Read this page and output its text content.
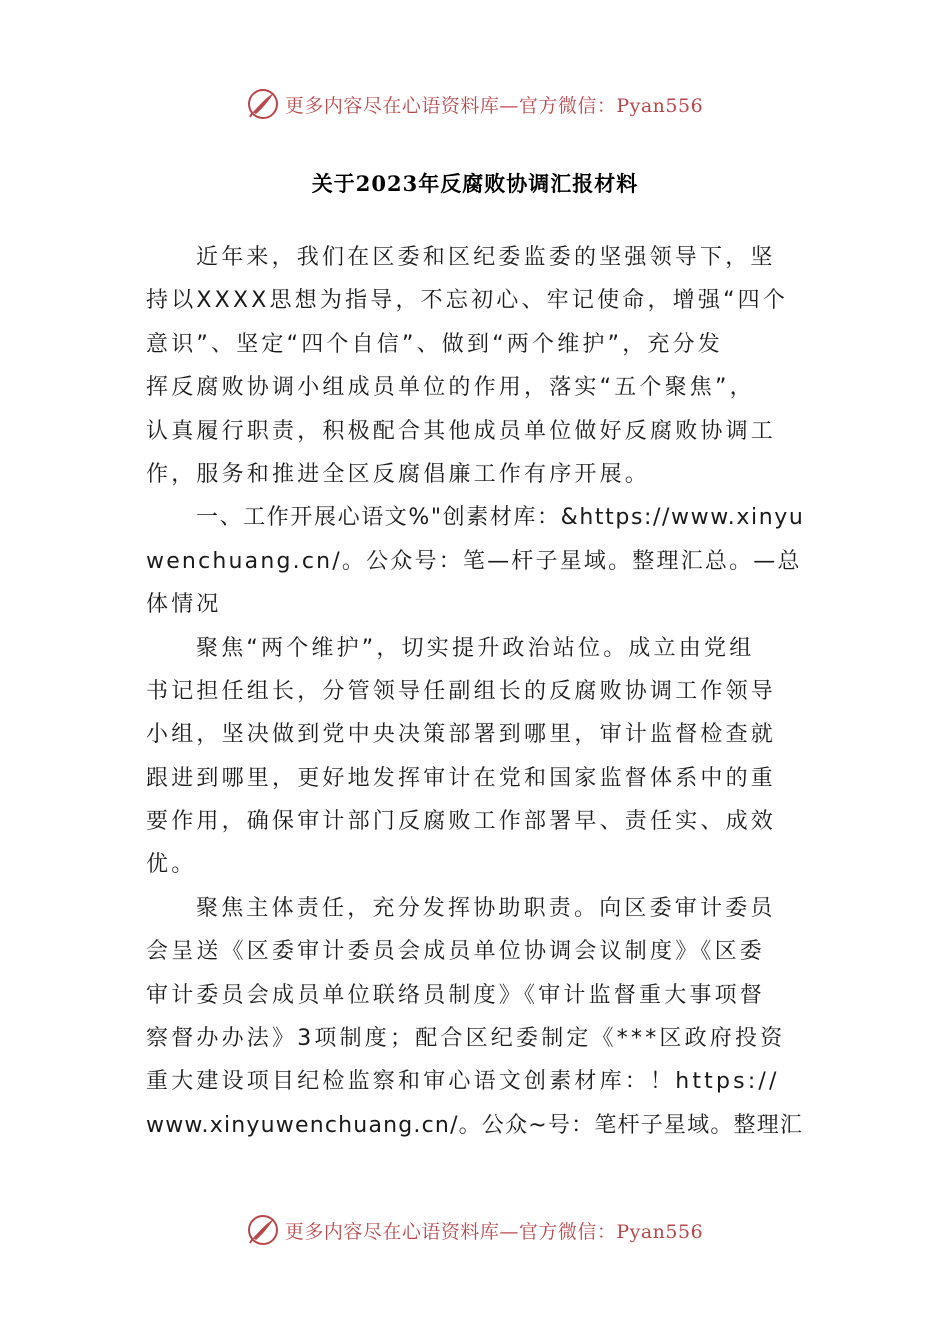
更多内容尽在心语资料库—官方微信：Pyan556
关于2023年反腐败协调汇报材料
近年来，我们在区委和区纪委监委的坚强领导下，坚
持以XXXX思想为指导，不忘初心、牢记使命，增强“四个
意识”、坚定“四个自信”、做到“两个维护”，充分发
挥反腐败协调小组成员单位的作用，落实“五个聚焦”，
认真履行职责，积极配合其他成员单位做好反腐败协调工
作，服务和推进全区反腐倡廉工作有序开展。
一、工作开展心语文%"创素材库：&https://www.xinyu
wenchuang.cn/。公众号：笔—杆子星域。整理汇总。—总
体情况
聚焦“两个维护”，切实提升政治站位。成立由党组
书记担任组长，分管领导任副组长的反腐败协调工作领导
小组，坚决做到党中央决策部署到哪里，审计监督检查就
跟进到哪里，更好地发挥审计在党和国家监督体系中的重
要作用，确保审计部门反腐败工作部署早、责任实、成效
优。
聚焦主体责任，充分发挥协助职责。向区委审计委员
会呈送《区委审计委员会成员单位协调会议制度》《区委
审计委员会成员单位联络员制度》《审计监督重大事项督
察督办办法》3项制度；配合区纪委制定《***区政府投资
重大建设项目纪检监察和审心语文创素材库：！https://
www.xinyuwenchuang.cn/。公众~号：笔杆子星域。整理汇
更多内容尽在心语资料库—官方微信：Pyan556
